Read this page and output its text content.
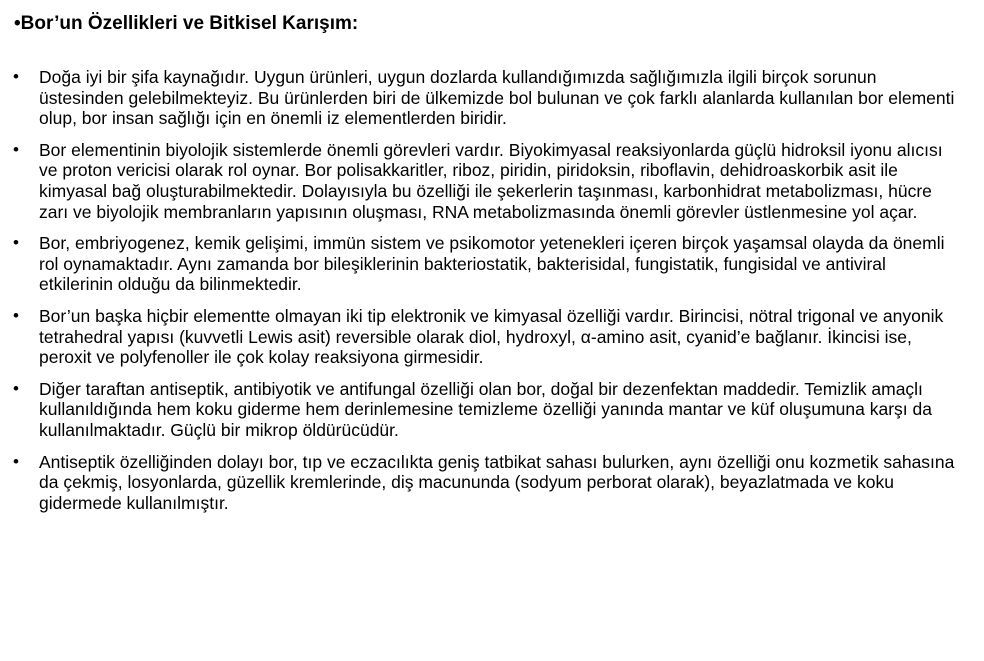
•Bor’un Özellikleri ve Bitkisel Karışım:
• Doğa iyi bir şifa kaynağıdır. Uygun ürünleri, uygun dozlarda kullandığımızda sağlığımızla ilgili birçok sorunun üstesinden gelebilmekteyiz. Bu ürünlerden biri de ülkemizde bol bulunan ve çok farklı alanlarda kullanılan bor elementi olup, bor insan sağlığı için en önemli iz elementlerden biridir.
• Bor elementinin biyolojik sistemlerde önemli görevleri vardır. Biyokimyasal reaksiyonlarda güçlü hidroksil iyonu alıcısı ve proton vericisi olarak rol oynar. Bor polisakkaritler, riboz, piridin, piridoksin, riboflavin, dehidroaskorbik asit ile kimyasal bağ oluşturabilmektedir. Dolayısıyla bu özelliği ile şekerlerin taşınması, karbonhidrat metabolizması, hücre zarı ve biyolojik membranların yapısının oluşması, RNA metabolizmasında önemli görevler üstlenmesine yol açar.
• Bor, embriyogenez, kemik gelişimi, immün sistem ve psikomotor yetenekleri içeren birçok yaşamsal olayda da önemli rol oynamaktadır. Aynı zamanda bor bileşiklerinin bakteriostatik, bakterisidal, fungistatik, fungisidal ve antiviral etkilerinin olduğu da bilinmektedir.
• Bor’un başka hiçbir elementte olmayan iki tip elektronik ve kimyasal özelliği vardır. Birincisi, nötral trigonal ve anyonik tetrahedral yapısı (kuvvetli Lewis asit) reversible olarak diol, hydroxyl, α-amino asit, cyanid’e bağlanır. İkincisi ise, peroxit ve polyfenoller ile çok kolay reaksiyona girmesidir.
• Diğer taraftan antiseptik, antibiyotik ve antifungal özelliği olan bor, doğal bir dezenfektan maddedir. Temizlik amaçlı kullanıldığında hem koku giderme hem derinlemesine temizleme özelliği yanında mantar ve küf oluşumuna karşı da kullanılmaktadır. Güçlü bir mikrop öldürücüdür.
• Antiseptik özelliğinden dolayı bor, tıp ve eczacılıkta geniş tatbikat sahası bulurken, aynı özelliği onu kozmetik sahasına da çekmiş, losyonlarda, güzellik kremlerinde, diş macununda (sodyum perborat olarak), beyazlatmada ve koku gidermede kullanılmıştır.
